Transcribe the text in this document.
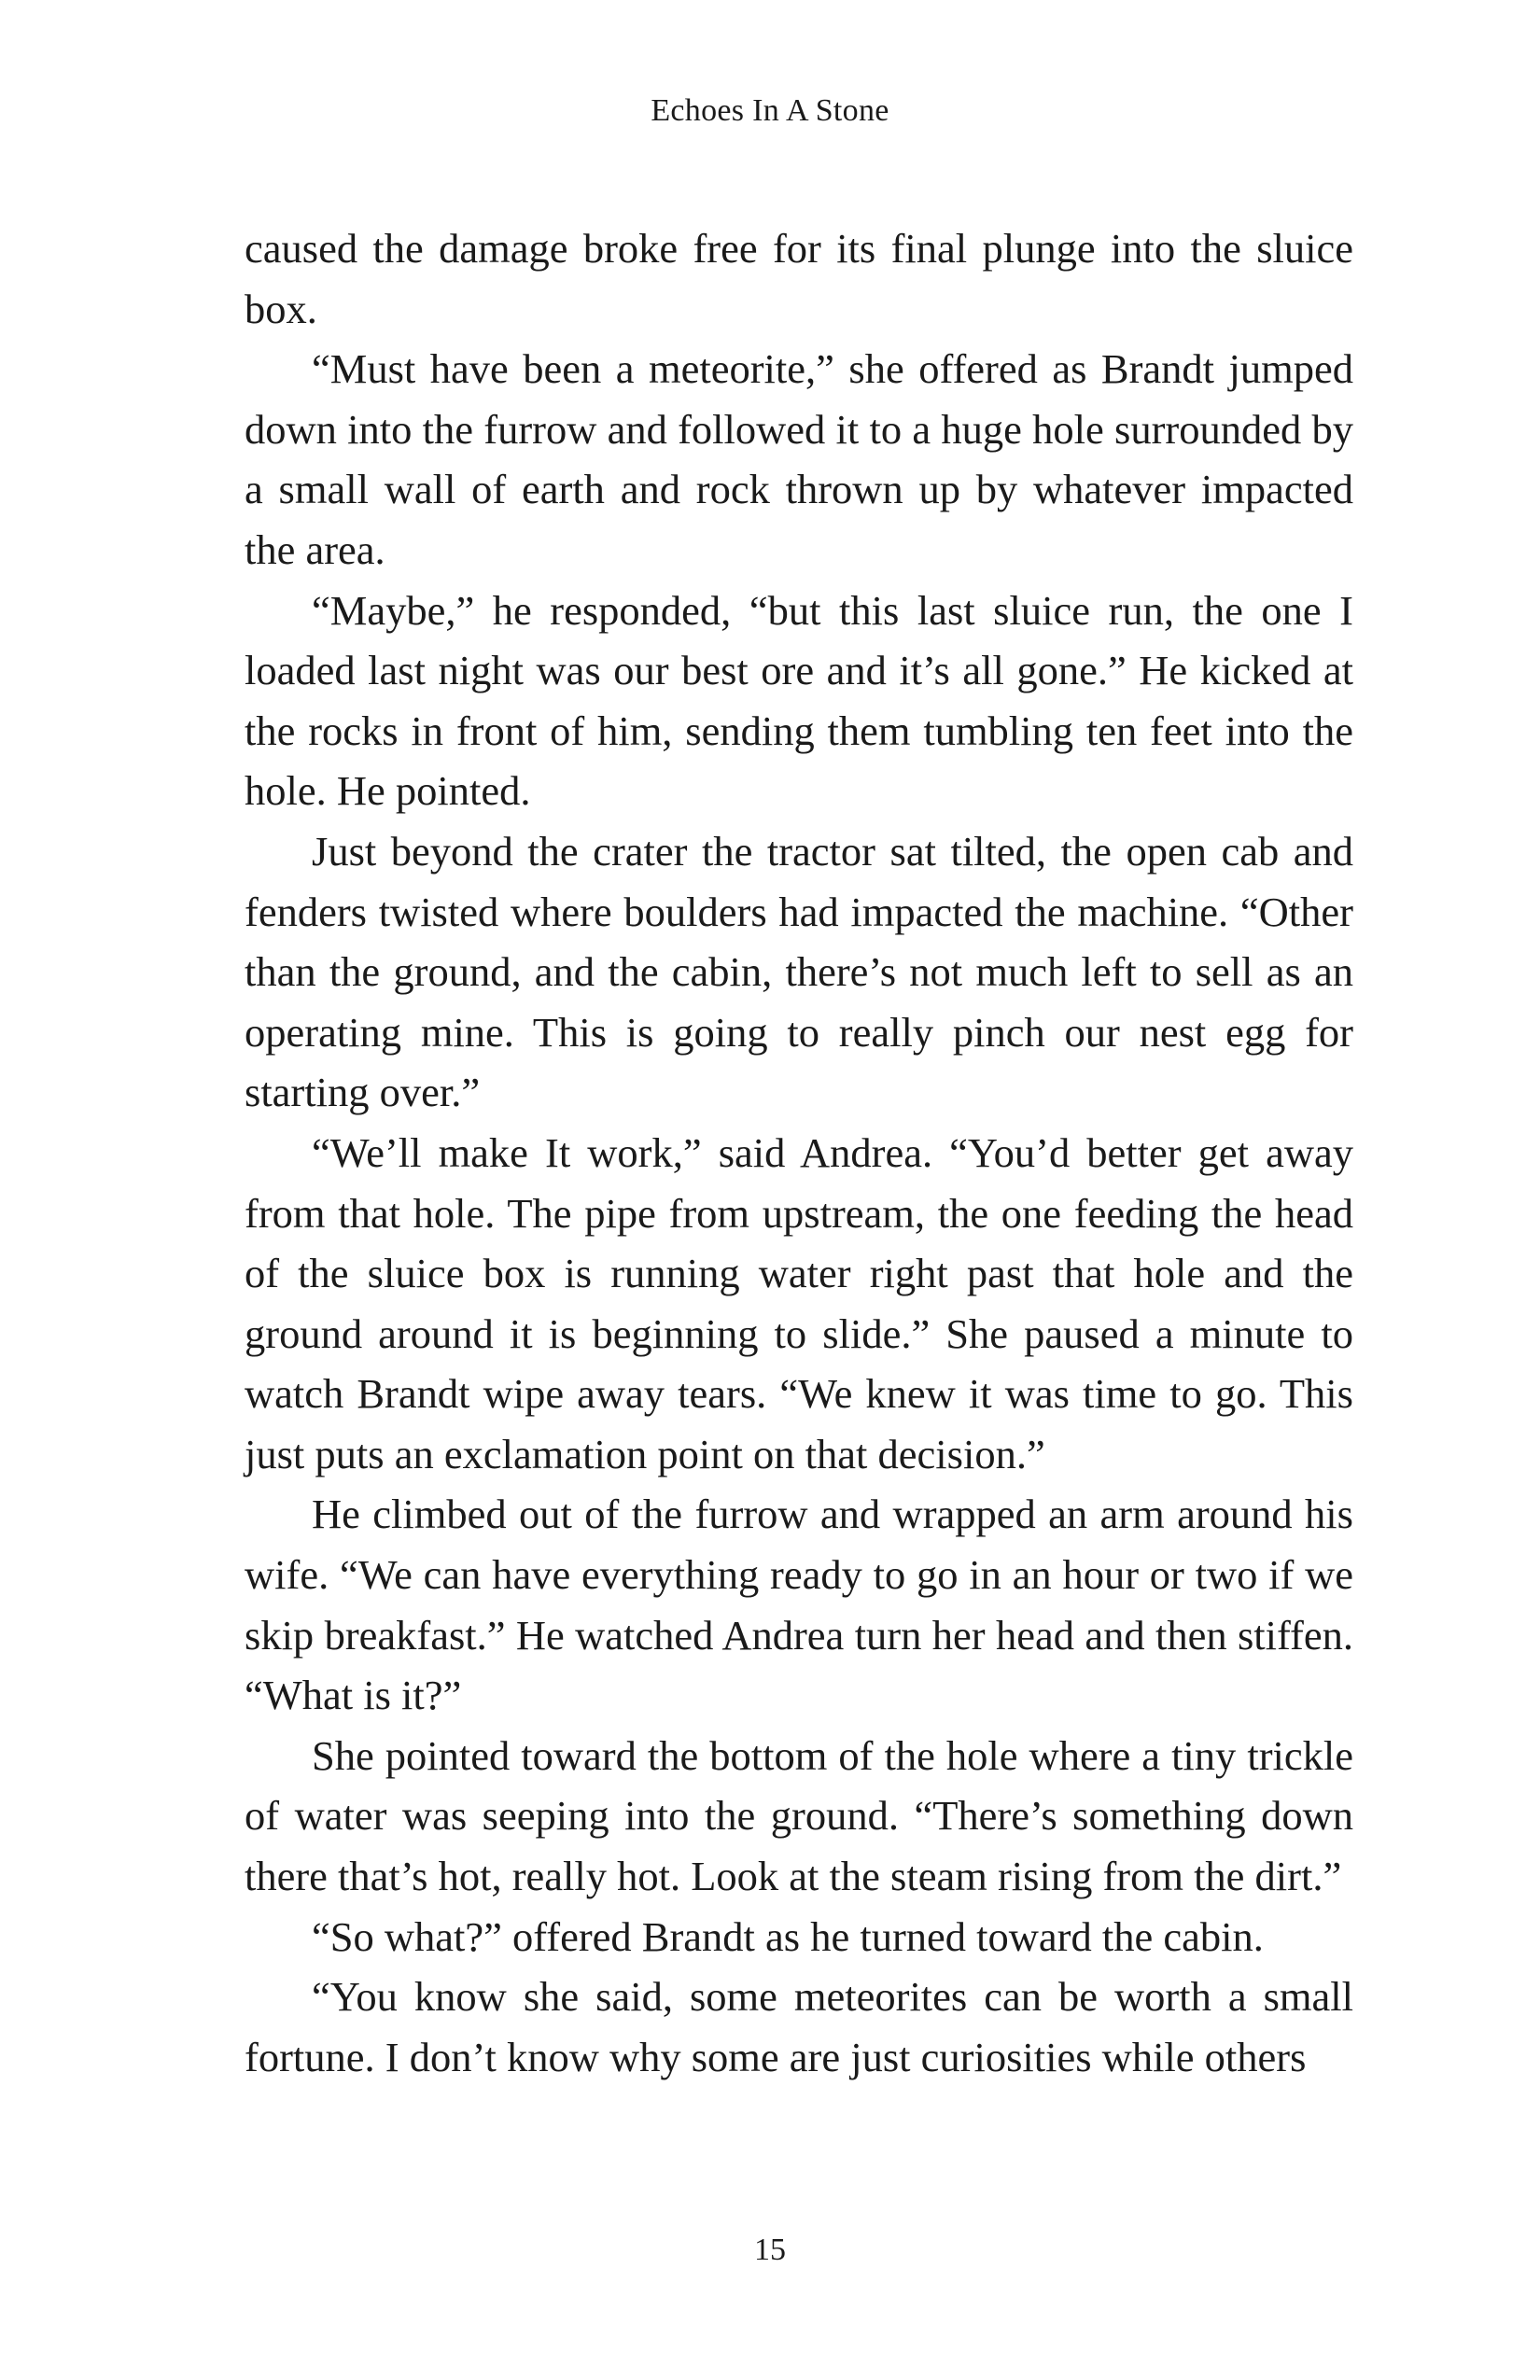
Echoes In A Stone

caused the damage broke free for its final plunge into the sluice box.

“Must have been a meteorite,” she offered as Brandt jumped down into the furrow and followed it to a huge hole surrounded by a small wall of earth and rock thrown up by whatever impacted the area.

“Maybe,” he responded, “but this last sluice run, the one I loaded last night was our best ore and it’s all gone.” He kicked at the rocks in front of him, sending them tumbling ten feet into the hole. He pointed.

Just beyond the crater the tractor sat tilted, the open cab and fenders twisted where boulders had impacted the machine. “Other than the ground, and the cabin, there’s not much left to sell as an operating mine. This is going to really pinch our nest egg for starting over.”

“We’ll make It work,” said Andrea. “You’d better get away from that hole. The pipe from upstream, the one feeding the head of the sluice box is running water right past that hole and the ground around it is beginning to slide.” She paused a minute to watch Brandt wipe away tears. “We knew it was time to go. This just puts an exclamation point on that decision.”

He climbed out of the furrow and wrapped an arm around his wife. “We can have everything ready to go in an hour or two if we skip breakfast.” He watched Andrea turn her head and then stiffen. “What is it?”

She pointed toward the bottom of the hole where a tiny trickle of water was seeping into the ground. “There’s something down there that’s hot, really hot. Look at the steam rising from the dirt.”

“So what?” offered Brandt as he turned toward the cabin.

“You know she said, some meteorites can be worth a small fortune. I don’t know why some are just curiosities while others

15
